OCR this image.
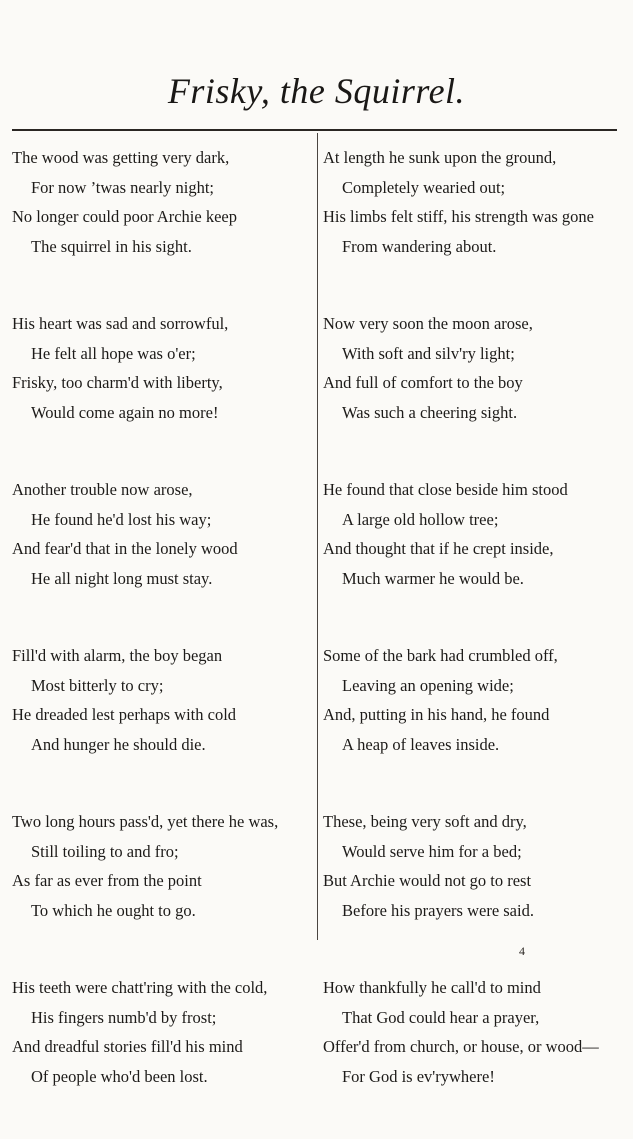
Frisky, the Squirrel.
The wood was getting very dark,
For now ’twas nearly night;
No longer could poor Archie keep
The squirrel in his sight.
His heart was sad and sorrowful,
He felt all hope was o'er;
Frisky, too charm'd with liberty,
Would come again no more!
Another trouble now arose,
He found he'd lost his way;
And fear'd that in the lonely wood
He all night long must stay.
Fill'd with alarm, the boy began
Most bitterly to cry;
He dreaded lest perhaps with cold
And hunger he should die.
Two long hours pass'd, yet there he was,
Still toiling to and fro;
As far as ever from the point
To which he ought to go.
His teeth were chatt'ring with the cold,
His fingers numb'd by frost;
And dreadful stories fill'd his mind
Of people who'd been lost.
At length he sunk upon the ground,
Completely wearied out;
His limbs felt stiff, his strength was gone
From wandering about.
Now very soon the moon arose,
With soft and silv'ry light;
And full of comfort to the boy
Was such a cheering sight.
He found that close beside him stood
A large old hollow tree;
And thought that if he crept inside,
Much warmer he would be.
Some of the bark had crumbled off,
Leaving an opening wide;
And, putting in his hand, he found
A heap of leaves inside.
These, being very soft and dry,
Would serve him for a bed;
But Archie would not go to rest
Before his prayers were said.
How thankfully he call'd to mind
That God could hear a prayer,
Offer'd from church, or house, or wood—
For God is ev'rywhere!
4
